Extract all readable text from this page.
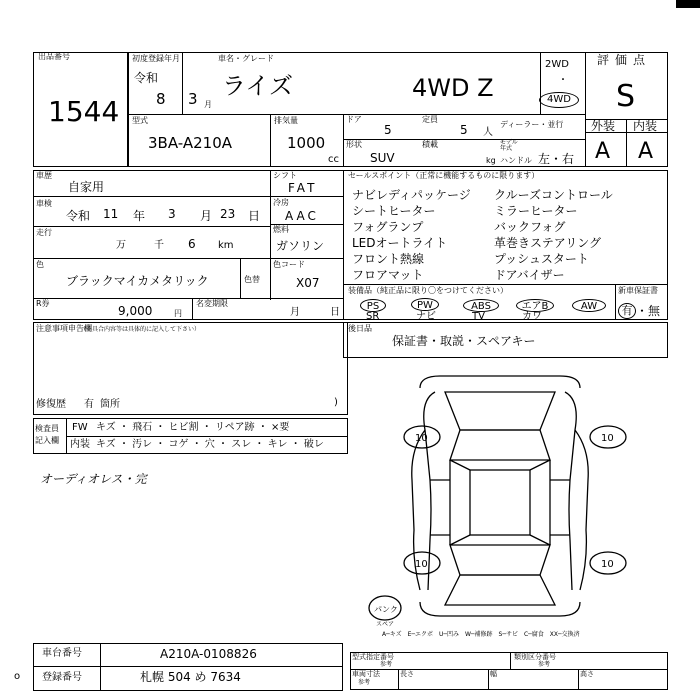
出品番号
1544
初度登録年月
令和
8 3 月
車名・グレード
ライズ	4WD Z
2WD
・
4WD
評価点
S
型式
3BA-A210A
排気量
1000
cc
ドア
5
定員
5 人
ディーラー・並行
形状
SUV
積載
kg
モデル年式
ハンドル 左・右
外装 内装
A A
車歴
自家用
車検
令和 11 年 3 月 23 日
走行
万	千 6 km
シフト
FAT
冷房
AAC
燃料
ガソリン
色
ブラックマイカメタリック	色替
色コード
X07
セールスポイント（正常に機能するものに限ります）
ナビレディパッケージ クルーズコントロール
シートヒーター	ミラーヒーター
フォグランプ	バックフォグ
LEDオートライト	革巻きステアリング
フロント熱線	プッシュスタート
フロアマット	ドアバイザー
装備品（純正品に限り〇をつけてください）
PS
SR
PW
ナビ
ABS
TV
エアB
カワ
AW
新車保証書
有 ・ 無
R券
9,000	円
名変期限
月	日
注意事項申告欄
（不具合内容等は具体的に記入して下さい）
修復歴 有 箇所	)
後日品
保証書・取説・スペアキー
検査員
記入欄
FW キズ ・ 飛石 ・ ヒビ割 ・ リペア跡 ・ ×要
内装 キズ ・ 汚レ ・ コゲ ・ 穴 ・ スレ ・ キレ ・ 破レ
オーディオレス・完
10	10
10	10
パンク
スペア
A─キズ　E─エクボ　U─凹み　W─補修跡　S─サビ　C─腐食　XX─交換済
車台番号	A210A-0108826
登録番号	札幌 504 め 7634
o
型式指定番号
参考
類別区分番号
参考
車両寸法
参考
長さ	幅	高さ
